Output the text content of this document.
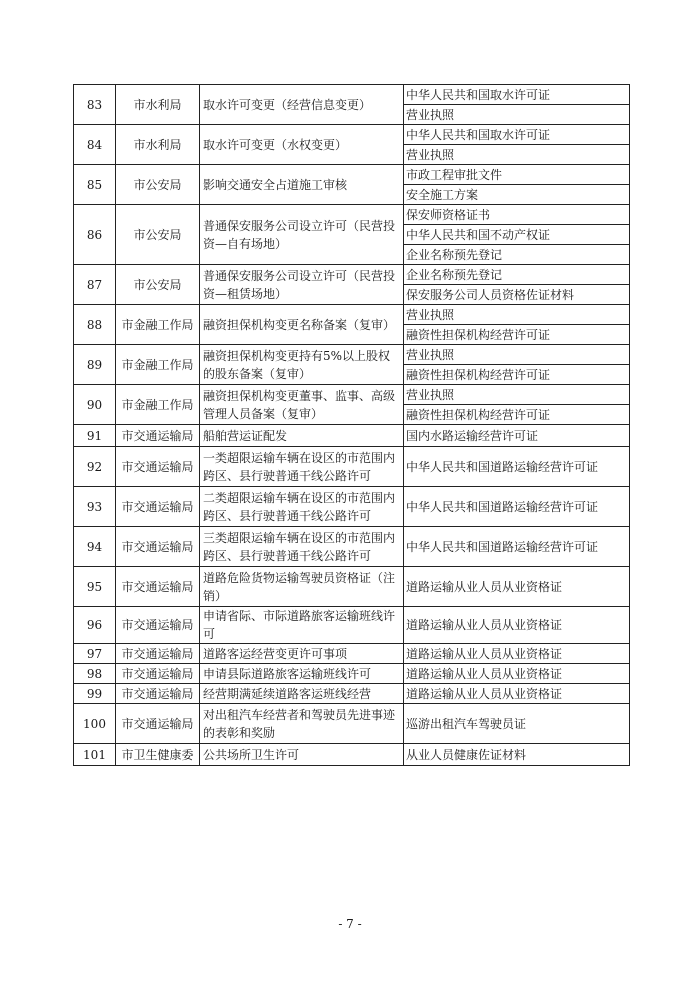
83	市水利局	取水许可变更（经营信息变更）	中华人民共和国取水许可证
			营业执照
84	市水利局	取水许可变更（水权变更）	中华人民共和国取水许可证
			营业执照
85	市公安局	影响交通安全占道施工审核	市政工程审批文件
			安全施工方案
86	市公安局	普通保安服务公司设立许可（民营投资—自有场地）	保安师资格证书
			中华人民共和国不动产权证
			企业名称预先登记
87	市公安局	普通保安服务公司设立许可（民营投资—租赁场地）	企业名称预先登记
			保安服务公司人员资格佐证材料
88	市金融工作局	融资担保机构变更名称备案（复审）	营业执照
			融资性担保机构经营许可证
89	市金融工作局	融资担保机构变更持有5%以上股权的股东备案（复审）	营业执照
			融资性担保机构经营许可证
90	市金融工作局	融资担保机构变更董事、监事、高级管理人员备案（复审）	营业执照
			融资性担保机构经营许可证
91	市交通运输局	船舶营运证配发	国内水路运输经营许可证
92	市交通运输局	一类超限运输车辆在设区的市范围内跨区、县行驶普通干线公路许可	中华人民共和国道路运输经营许可证
93	市交通运输局	二类超限运输车辆在设区的市范围内跨区、县行驶普通干线公路许可	中华人民共和国道路运输经营许可证
94	市交通运输局	三类超限运输车辆在设区的市范围内跨区、县行驶普通干线公路许可	中华人民共和国道路运输经营许可证
95	市交通运输局	道路危险货物运输驾驶员资格证（注销）	道路运输从业人员从业资格证
96	市交通运输局	申请省际、市际道路旅客运输班线许可	道路运输从业人员从业资格证
97	市交通运输局	道路客运经营变更许可事项	道路运输从业人员从业资格证
98	市交通运输局	申请县际道路旅客运输班线许可	道路运输从业人员从业资格证
99	市交通运输局	经营期满延续道路客运班线经营	道路运输从业人员从业资格证
100	市交通运输局	对出租汽车经营者和驾驶员先进事迹的表彰和奖励	巡游出租汽车驾驶员证
101	市卫生健康委	公共场所卫生许可	从业人员健康佐证材料
- 7 -
